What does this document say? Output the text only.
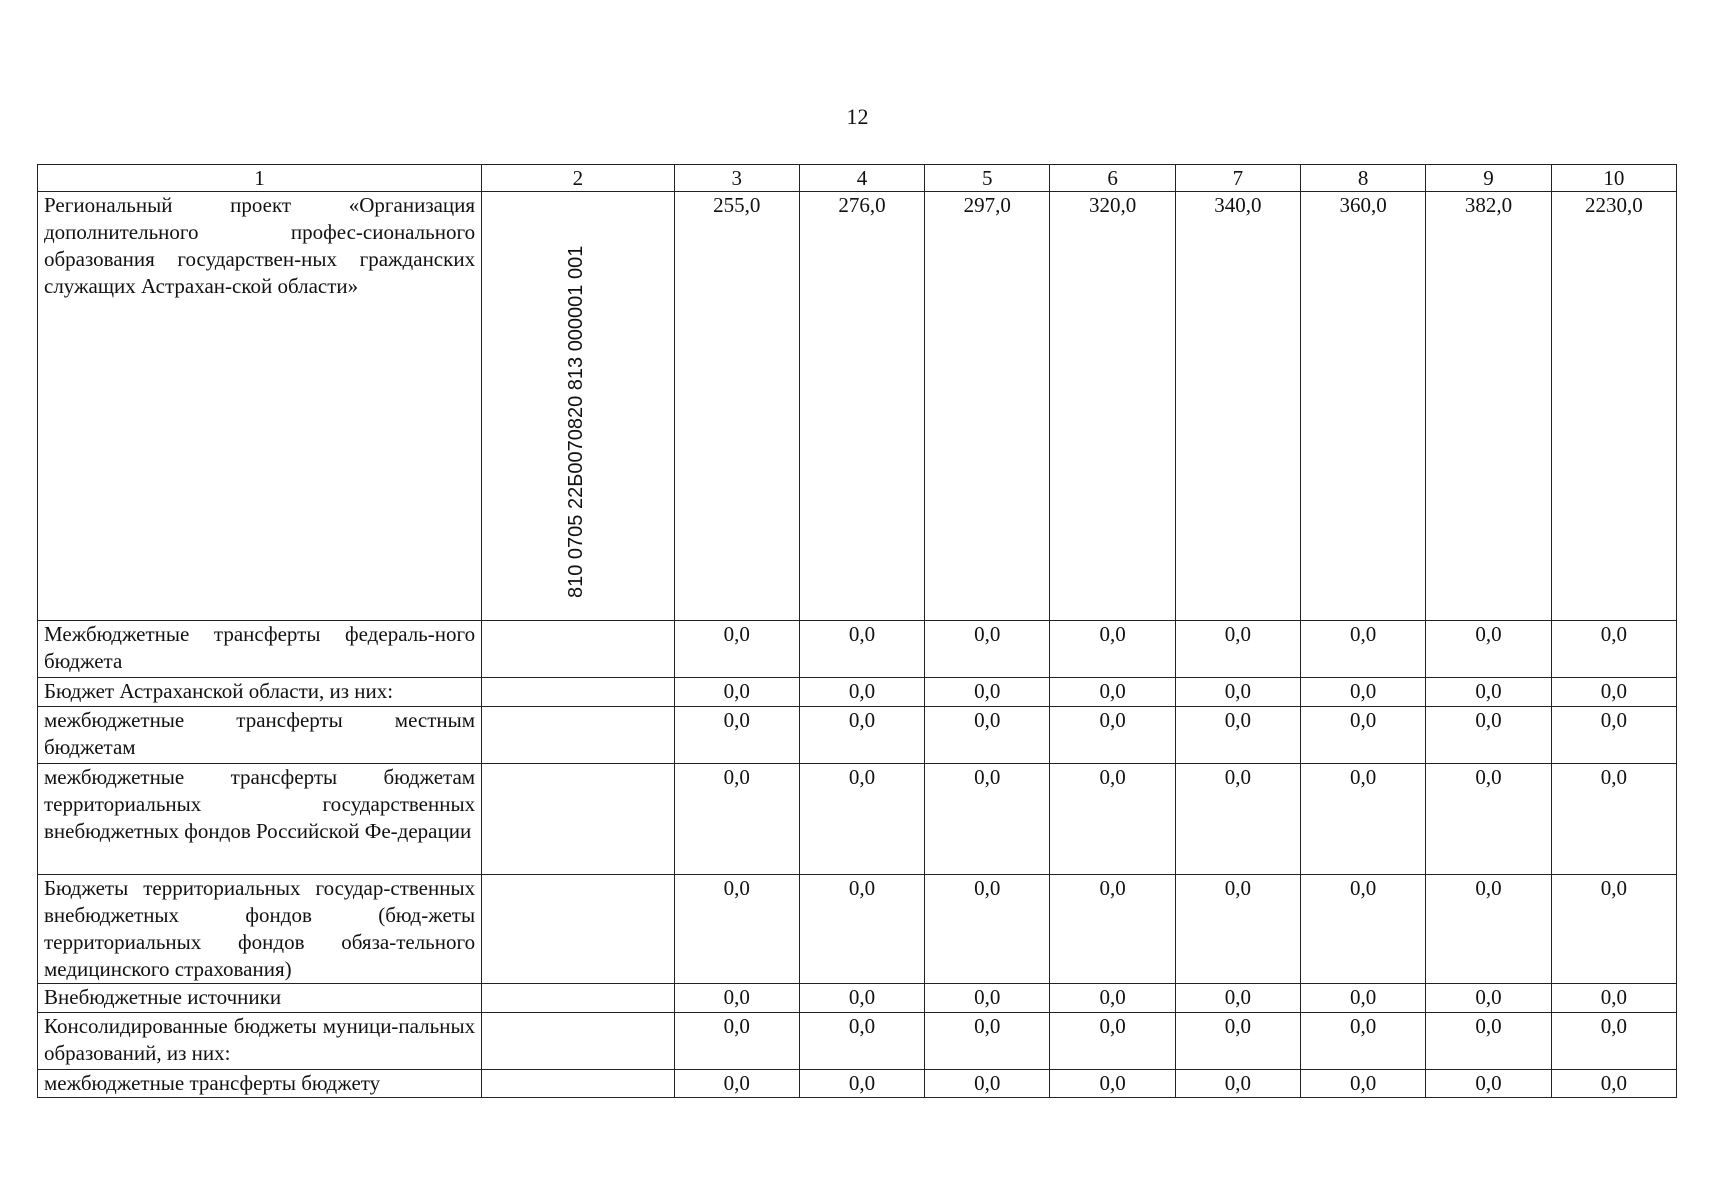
12
1	2	3	4	5	6	7	8	9	10
Региональный проект «Организация дополнительного профес-сионального образования государствен-ных гражданских служащих Астрахан-ской области»	810 0705 22Б0070820 813 000001 001	255,0	276,0	297,0	320,0	340,0	360,0	382,0	2230,0
Межбюджетные трансферты федераль-ного бюджета		0,0	0,0	0,0	0,0	0,0	0,0	0,0	0,0
Бюджет Астраханской области, из них:		0,0	0,0	0,0	0,0	0,0	0,0	0,0	0,0
межбюджетные трансферты местным бюджетам		0,0	0,0	0,0	0,0	0,0	0,0	0,0	0,0
межбюджетные трансферты бюджетам территориальных государственных внебюджетных фондов Российской Фе-дерации		0,0	0,0	0,0	0,0	0,0	0,0	0,0	0,0
Бюджеты территориальных государ-ственных внебюджетных фондов (бюд-жеты территориальных фондов обяза-тельного медицинского страхования)		0,0	0,0	0,0	0,0	0,0	0,0	0,0	0,0
Внебюджетные источники		0,0	0,0	0,0	0,0	0,0	0,0	0,0	0,0
Консолидированные бюджеты муници-пальных образований, из них:		0,0	0,0	0,0	0,0	0,0	0,0	0,0	0,0
межбюджетные трансферты бюджету		0,0	0,0	0,0	0,0	0,0	0,0	0,0	0,0
